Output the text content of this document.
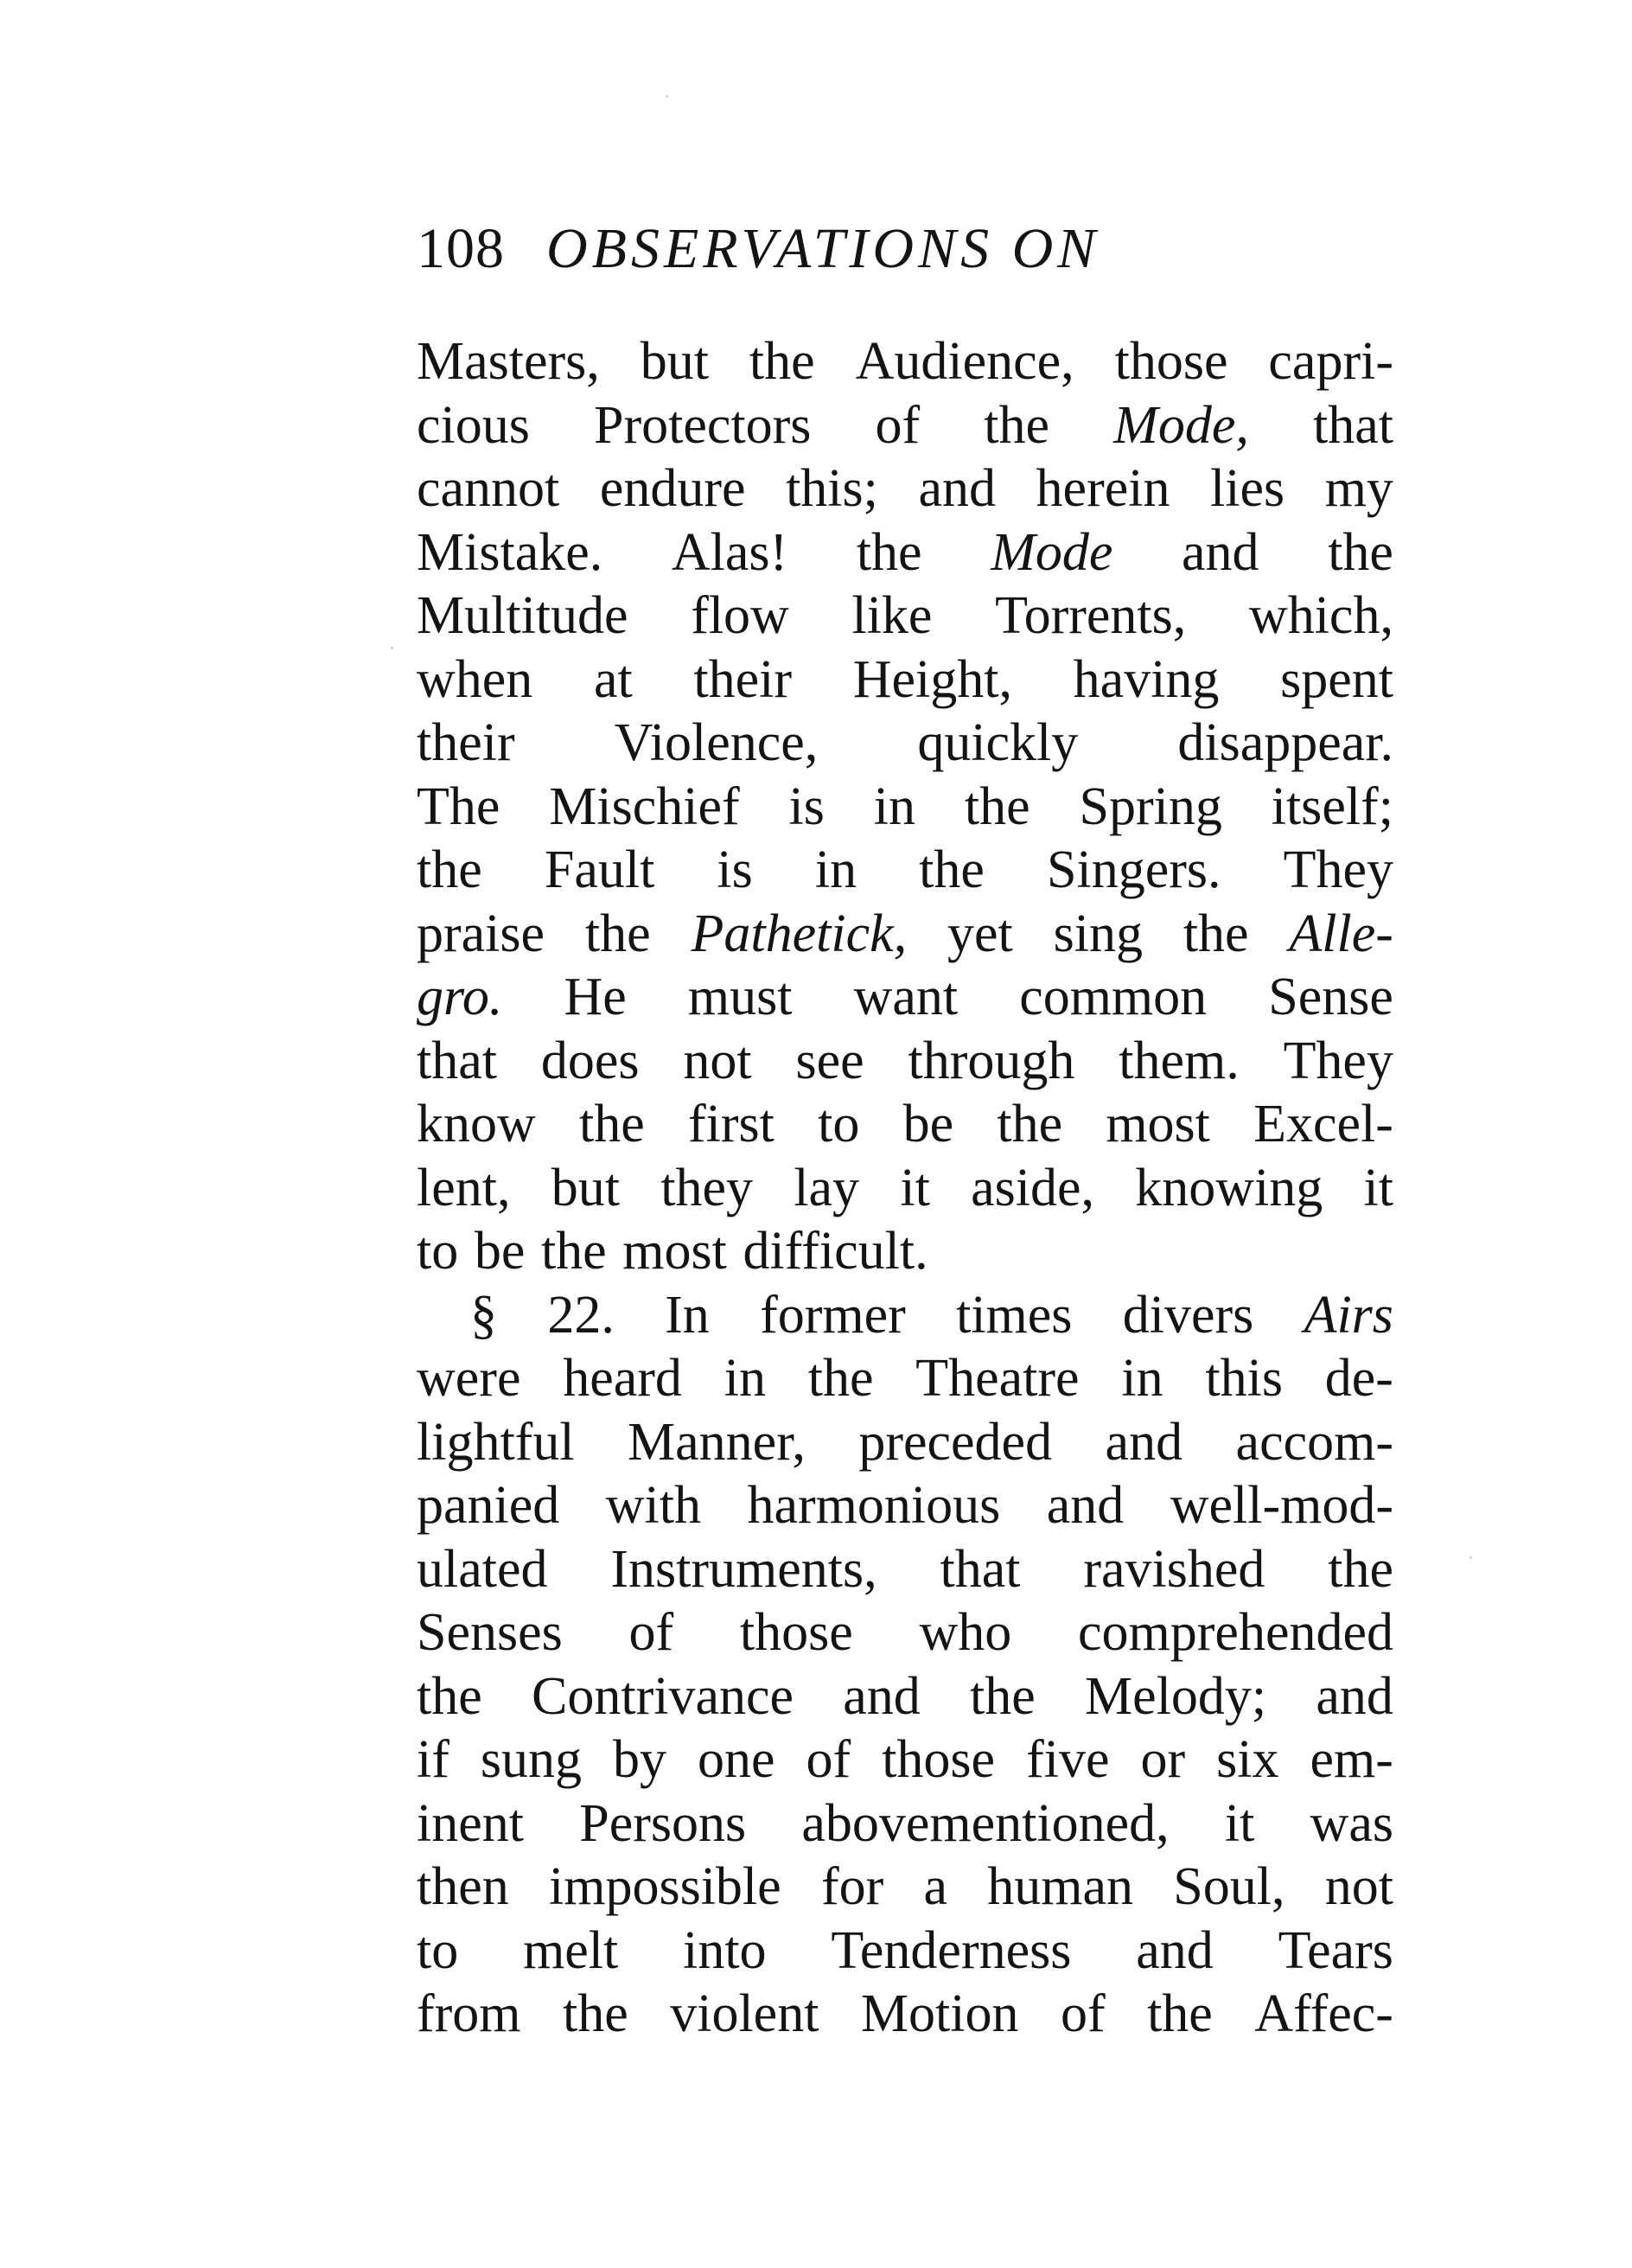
108 OBSERVATIONS ON
Masters, but the Audience, those capri-
cious Protectors of the Mode, that
cannot endure this; and herein lies my
Mistake. Alas! the Mode and the
Multitude flow like Torrents, which,
when at their Height, having spent
their Violence, quickly disappear.
The Mischief is in the Spring itself;
the Fault is in the Singers. They
praise the Pathetick, yet sing the Alle-
gro. He must want common Sense
that does not see through them. They
know the first to be the most Excel-
lent, but they lay it aside, knowing it
to be the most difficult.
§ 22. In former times divers Airs
were heard in the Theatre in this de-
lightful Manner, preceded and accom-
panied with harmonious and well-mod-
ulated Instruments, that ravished the
Senses of those who comprehended
the Contrivance and the Melody; and
if sung by one of those five or six em-
inent Persons abovementioned, it was
then impossible for a human Soul, not
to melt into Tenderness and Tears
from the violent Motion of the Affec-
